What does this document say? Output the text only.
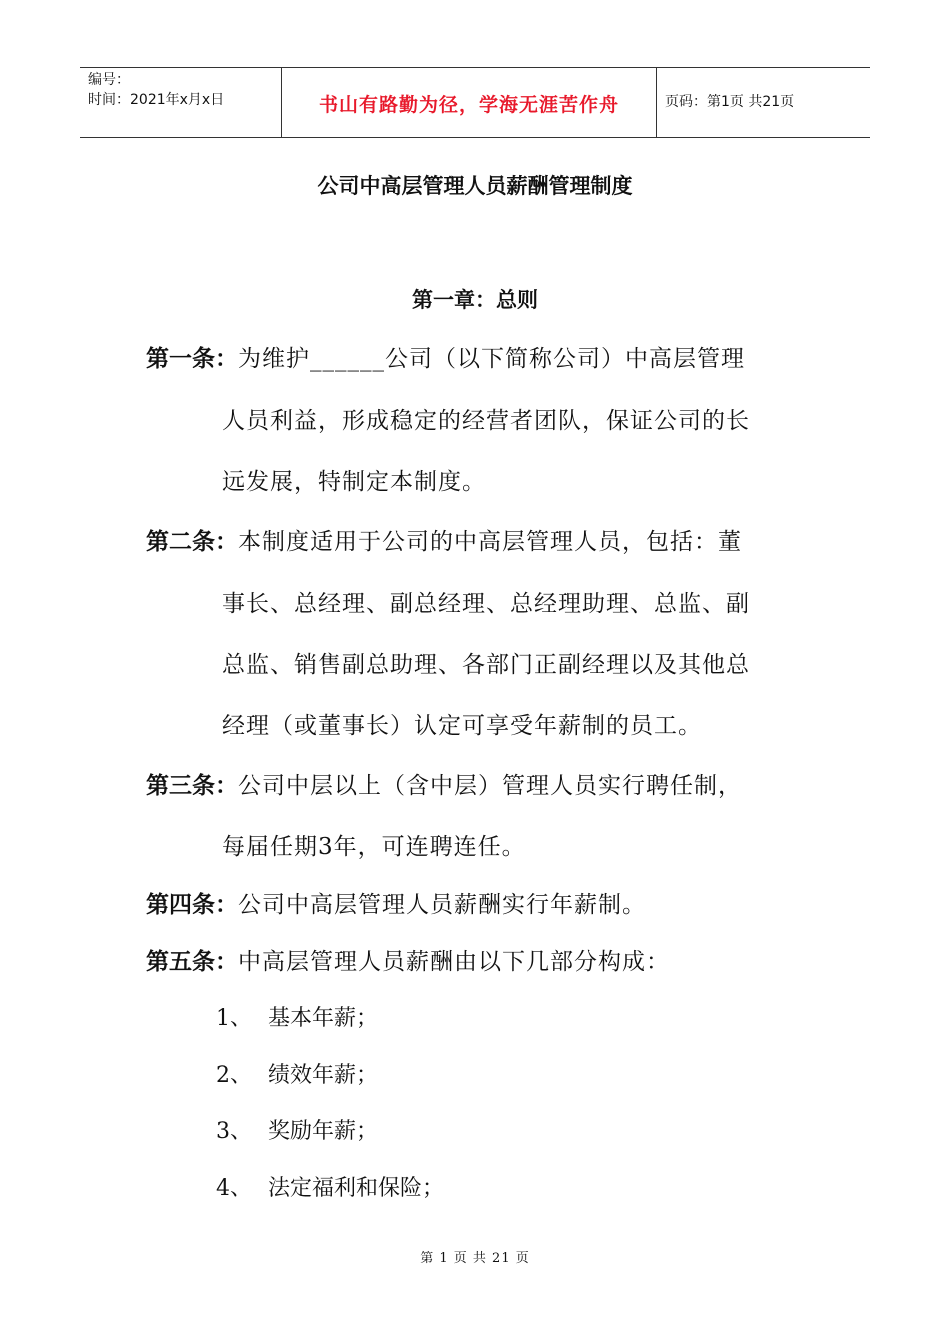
编号：
时间：2021年x月x日	书山有路勤为径，学海无涯苦作舟	页码：第1页 共21页
公司中高层管理人员薪酬管理制度
第一章：总则
第一条：为维护______公司（以下简称公司）中高层管理
人员利益，形成稳定的经营者团队，保证公司的长
远发展，特制定本制度。
第二条：本制度适用于公司的中高层管理人员，包括：董
事长、总经理、副总经理、总经理助理、总监、副
总监、销售副总助理、各部门正副经理以及其他总
经理（或董事长）认定可享受年薪制的员工。
第三条：公司中层以上（含中层）管理人员实行聘任制，
每届任期3年，可连聘连任。
第四条：公司中高层管理人员薪酬实行年薪制。
第五条：中高层管理人员薪酬由以下几部分构成：
1、 基本年薪；
2、 绩效年薪；
3、 奖励年薪；
4、 法定福利和保险；
第 1 页 共 21 页
